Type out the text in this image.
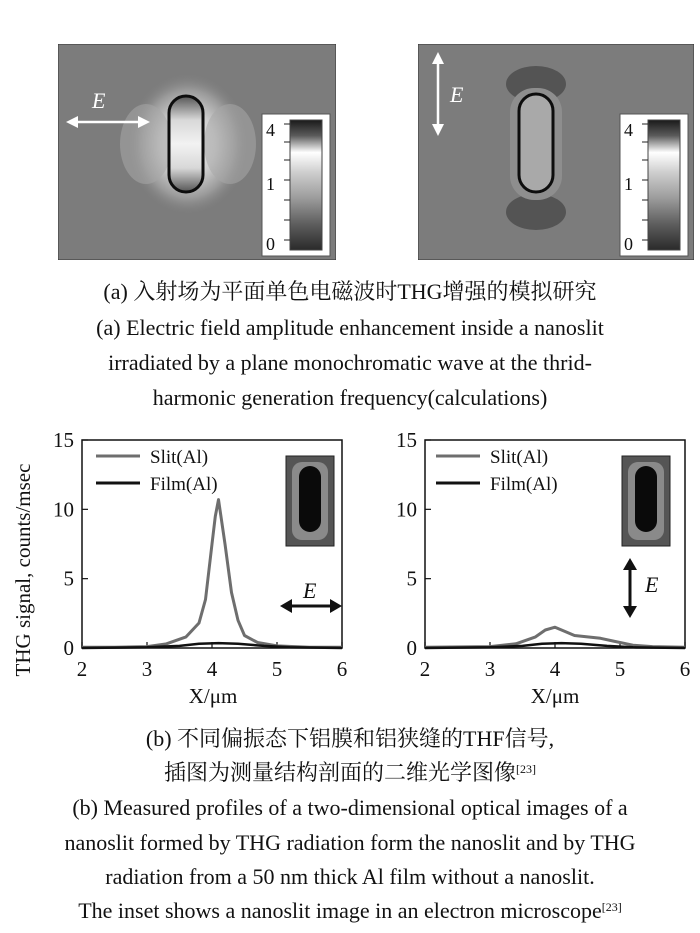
E
4
1
0
E
4
1
0
(a) 入射场为平面单色电磁波时THG增强的模拟研究
(a) Electric field amplitude enhancement inside a nanoslit
irradiated by a plane monochromatic wave at the thrid-
harmonic generation frequency(calculations)
THG signal, counts/msec
Slit(Al)
Film(Al)
X/μm
E
2	3	4	5	6
0
5
10
15
Slit(Al)
Film(Al)
X/μm
E
2	3	4	5	6
0
5
10
15
(b) 不同偏振态下铝膜和铝狭缝的THF信号,
插图为测量结构剖面的二维光学图像[23]
(b) Measured profiles of a two-dimensional optical images of a
nanoslit formed by THG radiation form the nanoslit and by THG
radiation from a 50 nm thick Al film without a nanoslit.
The inset shows a nanoslit image in an electron microscope[23]
